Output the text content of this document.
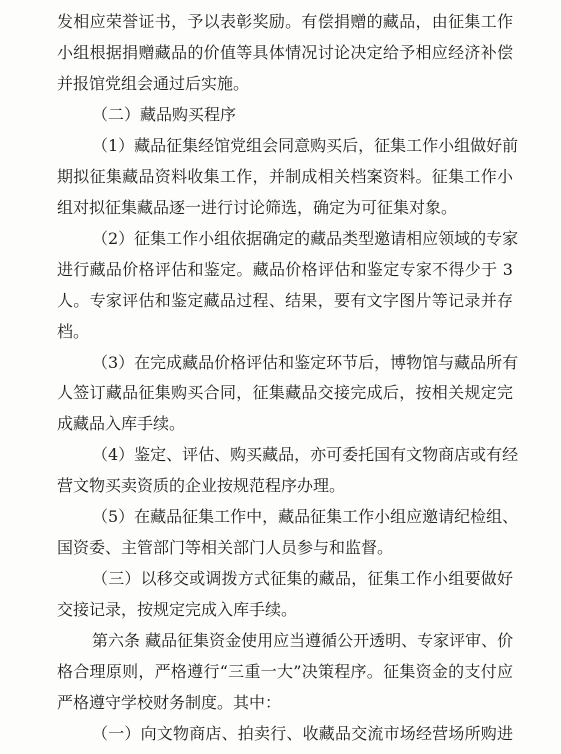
发相应荣誉证书，予以表彰奖励。有偿捐赠的藏品，由征集工作
小组根据捐赠藏品的价值等具体情况讨论决定给予相应经济补偿
并报馆党组会通过后实施。
（二）藏品购买程序
（1）藏品征集经馆党组会同意购买后，征集工作小组做好前
期拟征集藏品资料收集工作，并制成相关档案资料。征集工作小
组对拟征集藏品逐一进行讨论筛选，确定为可征集对象。
（2）征集工作小组依据确定的藏品类型邀请相应领域的专家
进行藏品价格评估和鉴定。藏品价格评估和鉴定专家不得少于 3
人。专家评估和鉴定藏品过程、结果，要有文字图片等记录并存
档。
（3）在完成藏品价格评估和鉴定环节后，博物馆与藏品所有
人签订藏品征集购买合同，征集藏品交接完成后，按相关规定完
成藏品入库手续。
（4）鉴定、评估、购买藏品，亦可委托国有文物商店或有经
营文物买卖资质的企业按规范程序办理。
（5）在藏品征集工作中，藏品征集工作小组应邀请纪检组、
国资委、主管部门等相关部门人员参与和监督。
（三）以移交或调拨方式征集的藏品，征集工作小组要做好
交接记录，按规定完成入库手续。
第六条 藏品征集资金使用应当遵循公开透明、专家评审、价
格合理原则，严格遵行“三重一大”决策程序。征集资金的支付应
严格遵守学校财务制度。其中：
（一）向文物商店、拍卖行、收藏品交流市场经营场所购进
